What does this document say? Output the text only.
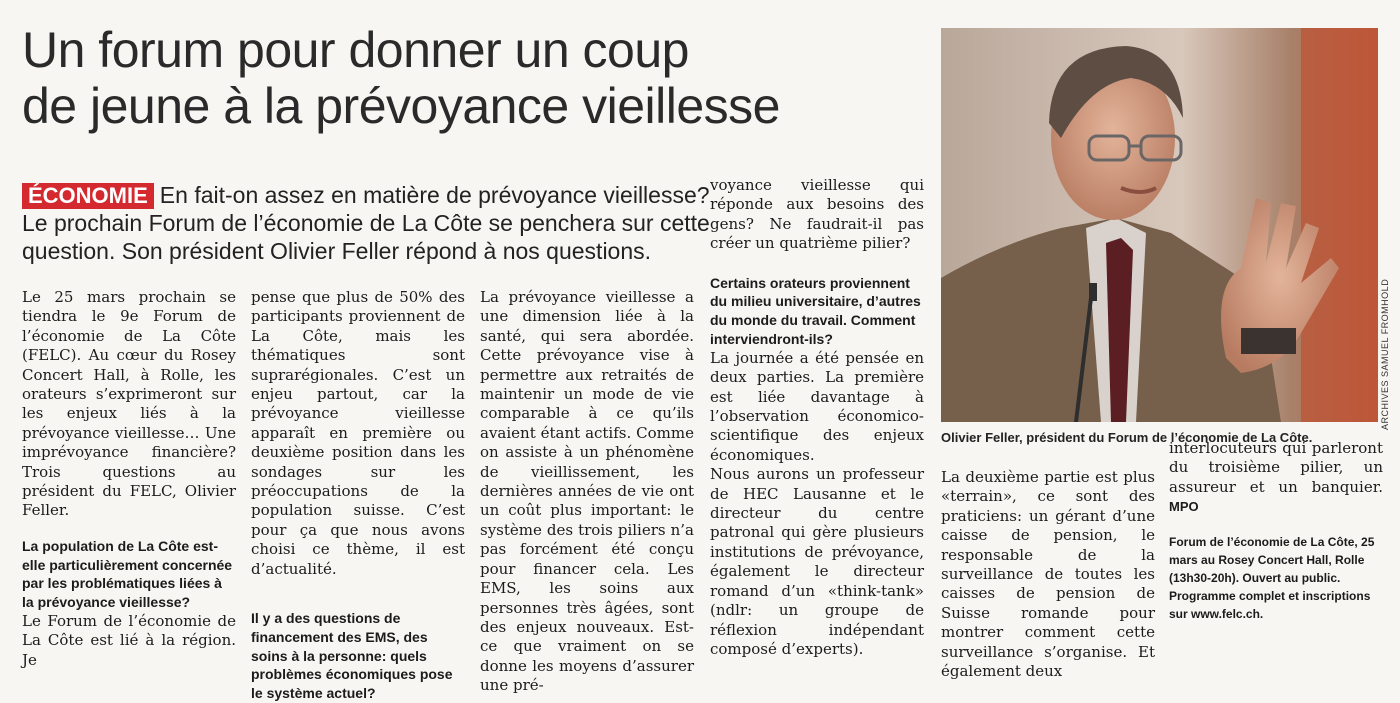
Un forum pour donner un coup
de jeune à la prévoyance vieillesse
ÉCONOMIE En fait-on assez en matière de prévoyance vieillesse? Le prochain Forum de l’économie de La Côte se penchera sur cette question. Son président Olivier Feller répond à nos questions.

Le 25 mars prochain se tiendra le 9e Forum de l’économie de La Côte (FELC). Au cœur du Rosey Concert Hall, à Rolle, les orateurs s’exprimeront sur les enjeux liés à la prévoyance vieillesse… Une imprévoyance financière? Trois questions au président du FELC, Olivier Feller.

La population de La Côte est-elle particulièrement concernée par les problématiques liées à la prévoyance vieillesse?

Le Forum de l’économie de La Côte est lié à la région. Je

pense que plus de 50% des participants proviennent de La Côte, mais les thématiques sont suprarégionales. C’est un enjeu partout, car la prévoyance vieillesse apparaît en première ou deuxième position dans les sondages sur les préoccupations de la population suisse. C’est pour ça que nous avons choisi ce thème, il est d’actualité.

Il y a des questions de financement des EMS, des soins à la personne: quels problèmes économiques pose le système actuel?

La prévoyance vieillesse a une dimension liée à la santé, qui sera abordée. Cette prévoyance vise à permettre aux retraités de maintenir un mode de vie comparable à ce qu’ils avaient étant actifs. Comme on assiste à un phénomène de vieillissement, les dernières années de vie ont un coût plus important: le système des trois piliers n’a pas forcément été conçu pour financer cela. Les EMS, les soins aux personnes très âgées, sont des enjeux nouveaux. Est-ce que vraiment on se donne les moyens d’assurer une pré-

voyance vieillesse qui réponde aux besoins des gens? Ne faudrait-il pas créer un quatrième pilier?

Certains orateurs proviennent du milieu universitaire, d’autres du monde du travail. Comment interviendront-ils?

La journée a été pensée en deux parties. La première est liée davantage à l’observation économico-scientifique des enjeux économiques.

Nous aurons un professeur de HEC Lausanne et le directeur du centre patronal qui gère plusieurs institutions de prévoyance, également le directeur romand d’un «think-tank» (ndlr: un groupe de réflexion indépendant composé d’experts).

Olivier Feller, président du Forum de l’économie de La Côte.
ARCHIVES SAMUEL FROMHOLD

La deuxième partie est plus «terrain», ce sont des praticiens: un gérant d’une caisse de pension, le responsable de la surveillance de toutes les caisses de pension de Suisse romande pour montrer comment cette surveillance s’organise. Et également deux

interlocuteurs qui parleront du troisième pilier, un assureur et un banquier. MPO

Forum de l’économie de La Côte, 25 mars au Rosey Concert Hall, Rolle (13h30-20h). Ouvert au public. Programme complet et inscriptions sur www.felc.ch.
